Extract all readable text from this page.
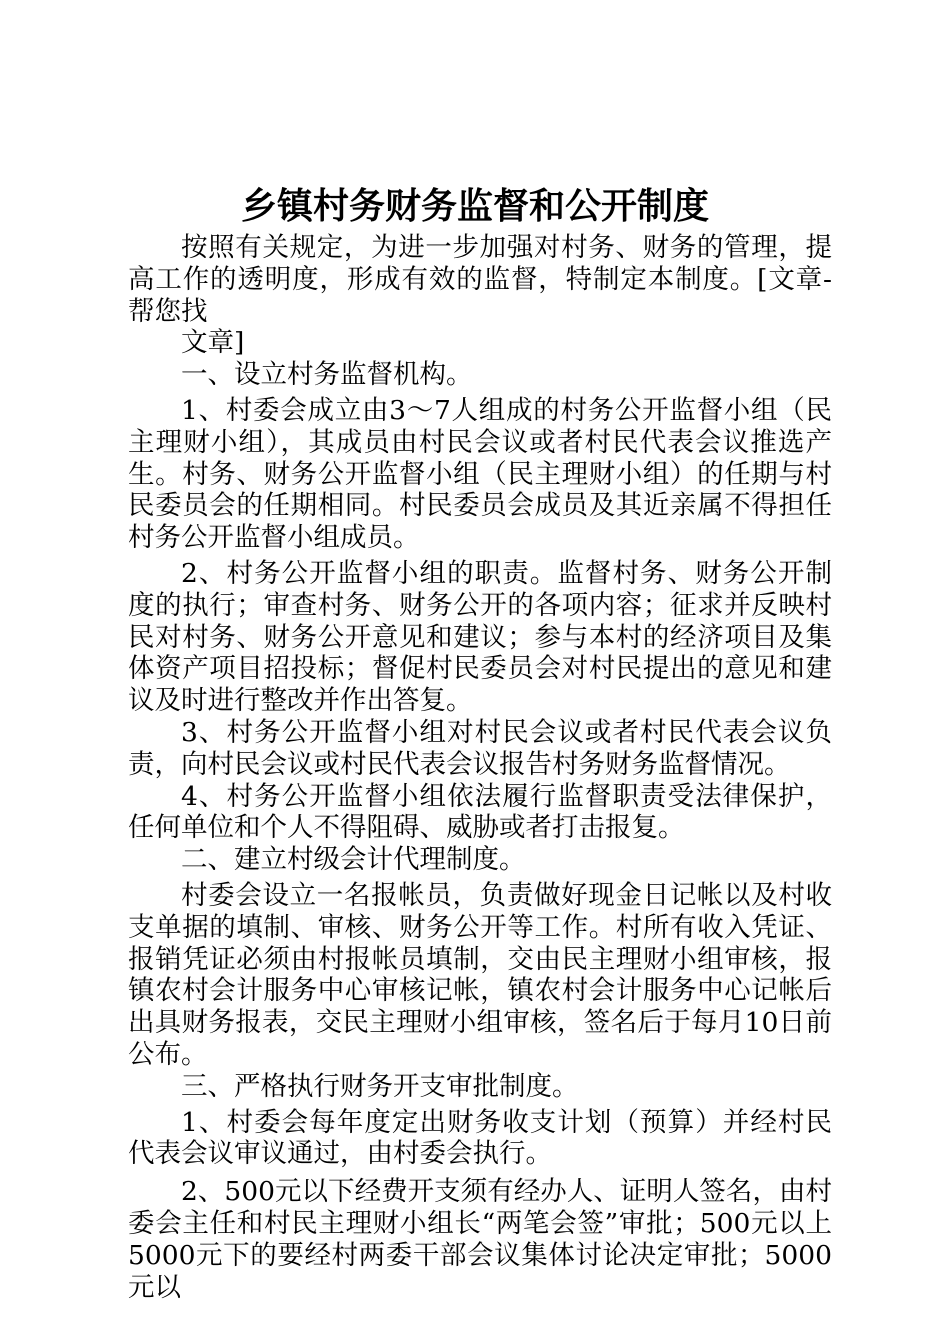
乡镇村务财务监督和公开制度

按照有关规定，为进一步加强对村务、财务的管理，提高工作的透明度，形成有效的监督，特制定本制度。[文章-帮您找

文章]

一、设立村务监督机构。

1、村委会成立由3～7人组成的村务公开监督小组（民主理财小组），其成员由村民会议或者村民代表会议推选产生。村务、财务公开监督小组（民主理财小组）的任期与村民委员会的任期相同。村民委员会成员及其近亲属不得担任村务公开监督小组成员。

2、村务公开监督小组的职责。监督村务、财务公开制度的执行；审查村务、财务公开的各项内容；征求并反映村民对村务、财务公开意见和建议；参与本村的经济项目及集体资产项目招投标；督促村民委员会对村民提出的意见和建议及时进行整改并作出答复。

3、村务公开监督小组对村民会议或者村民代表会议负责，向村民会议或村民代表会议报告村务财务监督情况。

4、村务公开监督小组依法履行监督职责受法律保护，任何单位和个人不得阻碍、威胁或者打击报复。

二、建立村级会计代理制度。

村委会设立一名报帐员，负责做好现金日记帐以及村收支单据的填制、审核、财务公开等工作。村所有收入凭证、报销凭证必须由村报帐员填制，交由民主理财小组审核，报镇农村会计服务中心审核记帐，镇农村会计服务中心记帐后出具财务报表，交民主理财小组审核，签名后于每月10日前公布。

三、严格执行财务开支审批制度。

1、村委会每年度定出财务收支计划（预算）并经村民代表会议审议通过，由村委会执行。

2、500元以下经费开支须有经办人、证明人签名，由村委会主任和村民主理财小组长“两笔会签”审批；500元以上5000元下的要经村两委干部会议集体讨论决定审批；5000元以
